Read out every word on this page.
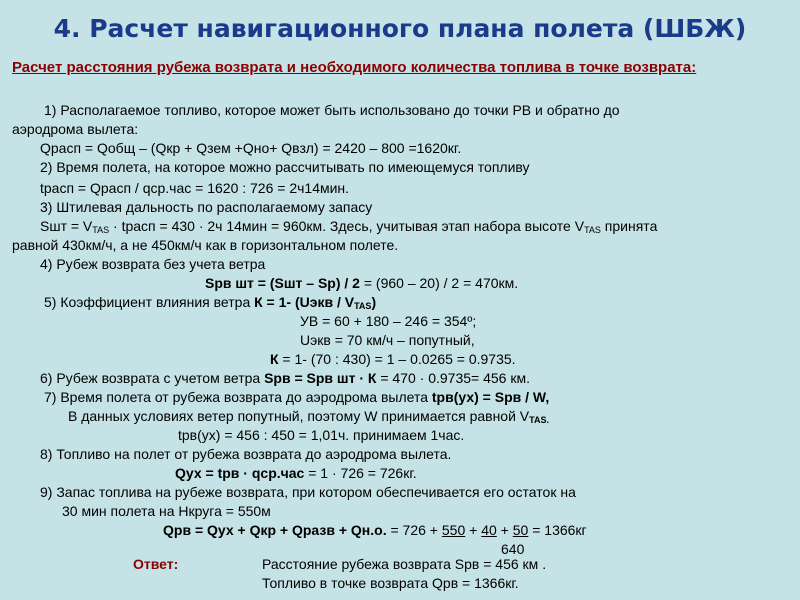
4. Расчет навигационного плана полета (ШБЖ)
Расчет расстояния рубежа возврата и необходимого количества топлива в точке возврата:
1) Располагаемое топливо, которое может быть использовано до точки РВ и обратно до
аэродрома вылета:
Qрасп = Qобщ – (Qкр + Qзем +Qно+ Qвзл) = 2420 – 800 =1620кг.
2) Время полета, на которое можно рассчитывать по имеющемуся топливу
tрасп = Qрасп / qср.час = 1620 : 726 = 2ч14мин.
3) Штилевая дальность по располагаемому запасу
Sшт = $V_{TAS}$ · tрасп = 430 · 2ч 14мин = 960км. Здесь, учитывая этап набора высоте $V_{TAS}$ принята
равной 430км/ч, а не 450км/ч как в горизонтальном полете.
4) Рубеж возврата без учета ветра
Sрв шт = (Sшт – Sр) / 2 = (960 – 20) / 2 = 470км.
5) Коэффициент влияния ветра К = 1- (Uэкв / $V_{TAS}$)
УВ = 60 + 180 – 246 = 354º;
Uэкв = 70 км/ч – попутный,
К = 1- (70 : 430) = 1 – 0.0265 = 0.9735.
6) Рубеж возврата с учетом ветра Sрв = Sрв шт · К = 470 · 0.9735= 456 км.
7) Время полета от рубежа возврата до аэродрома вылета tрв(ух) = Sрв / W,
В данных условиях ветер попутный, поэтому W принимается равной $V_{TAS.}$
tрв(ух) = 456 : 450 = 1,01ч. принимаем 1час.
8) Топливо на полет от рубежа возврата до аэродрома вылета.
Qух = tрв · qср.час = 1 · 726 = 726кг.
9) Запас топлива на рубеже возврата, при котором обеспечивается его остаток на
30 мин полета на Нкруга = 550м
Qрв = Qух + Qкр + Qразв + Qн.о. = 726 + 550 + 40 + 50 = 1366кг
640
Ответ:	Расстояние рубежа возврата Sрв = 456 км .
Топливо в точке возврата Qрв = 1366кг.
